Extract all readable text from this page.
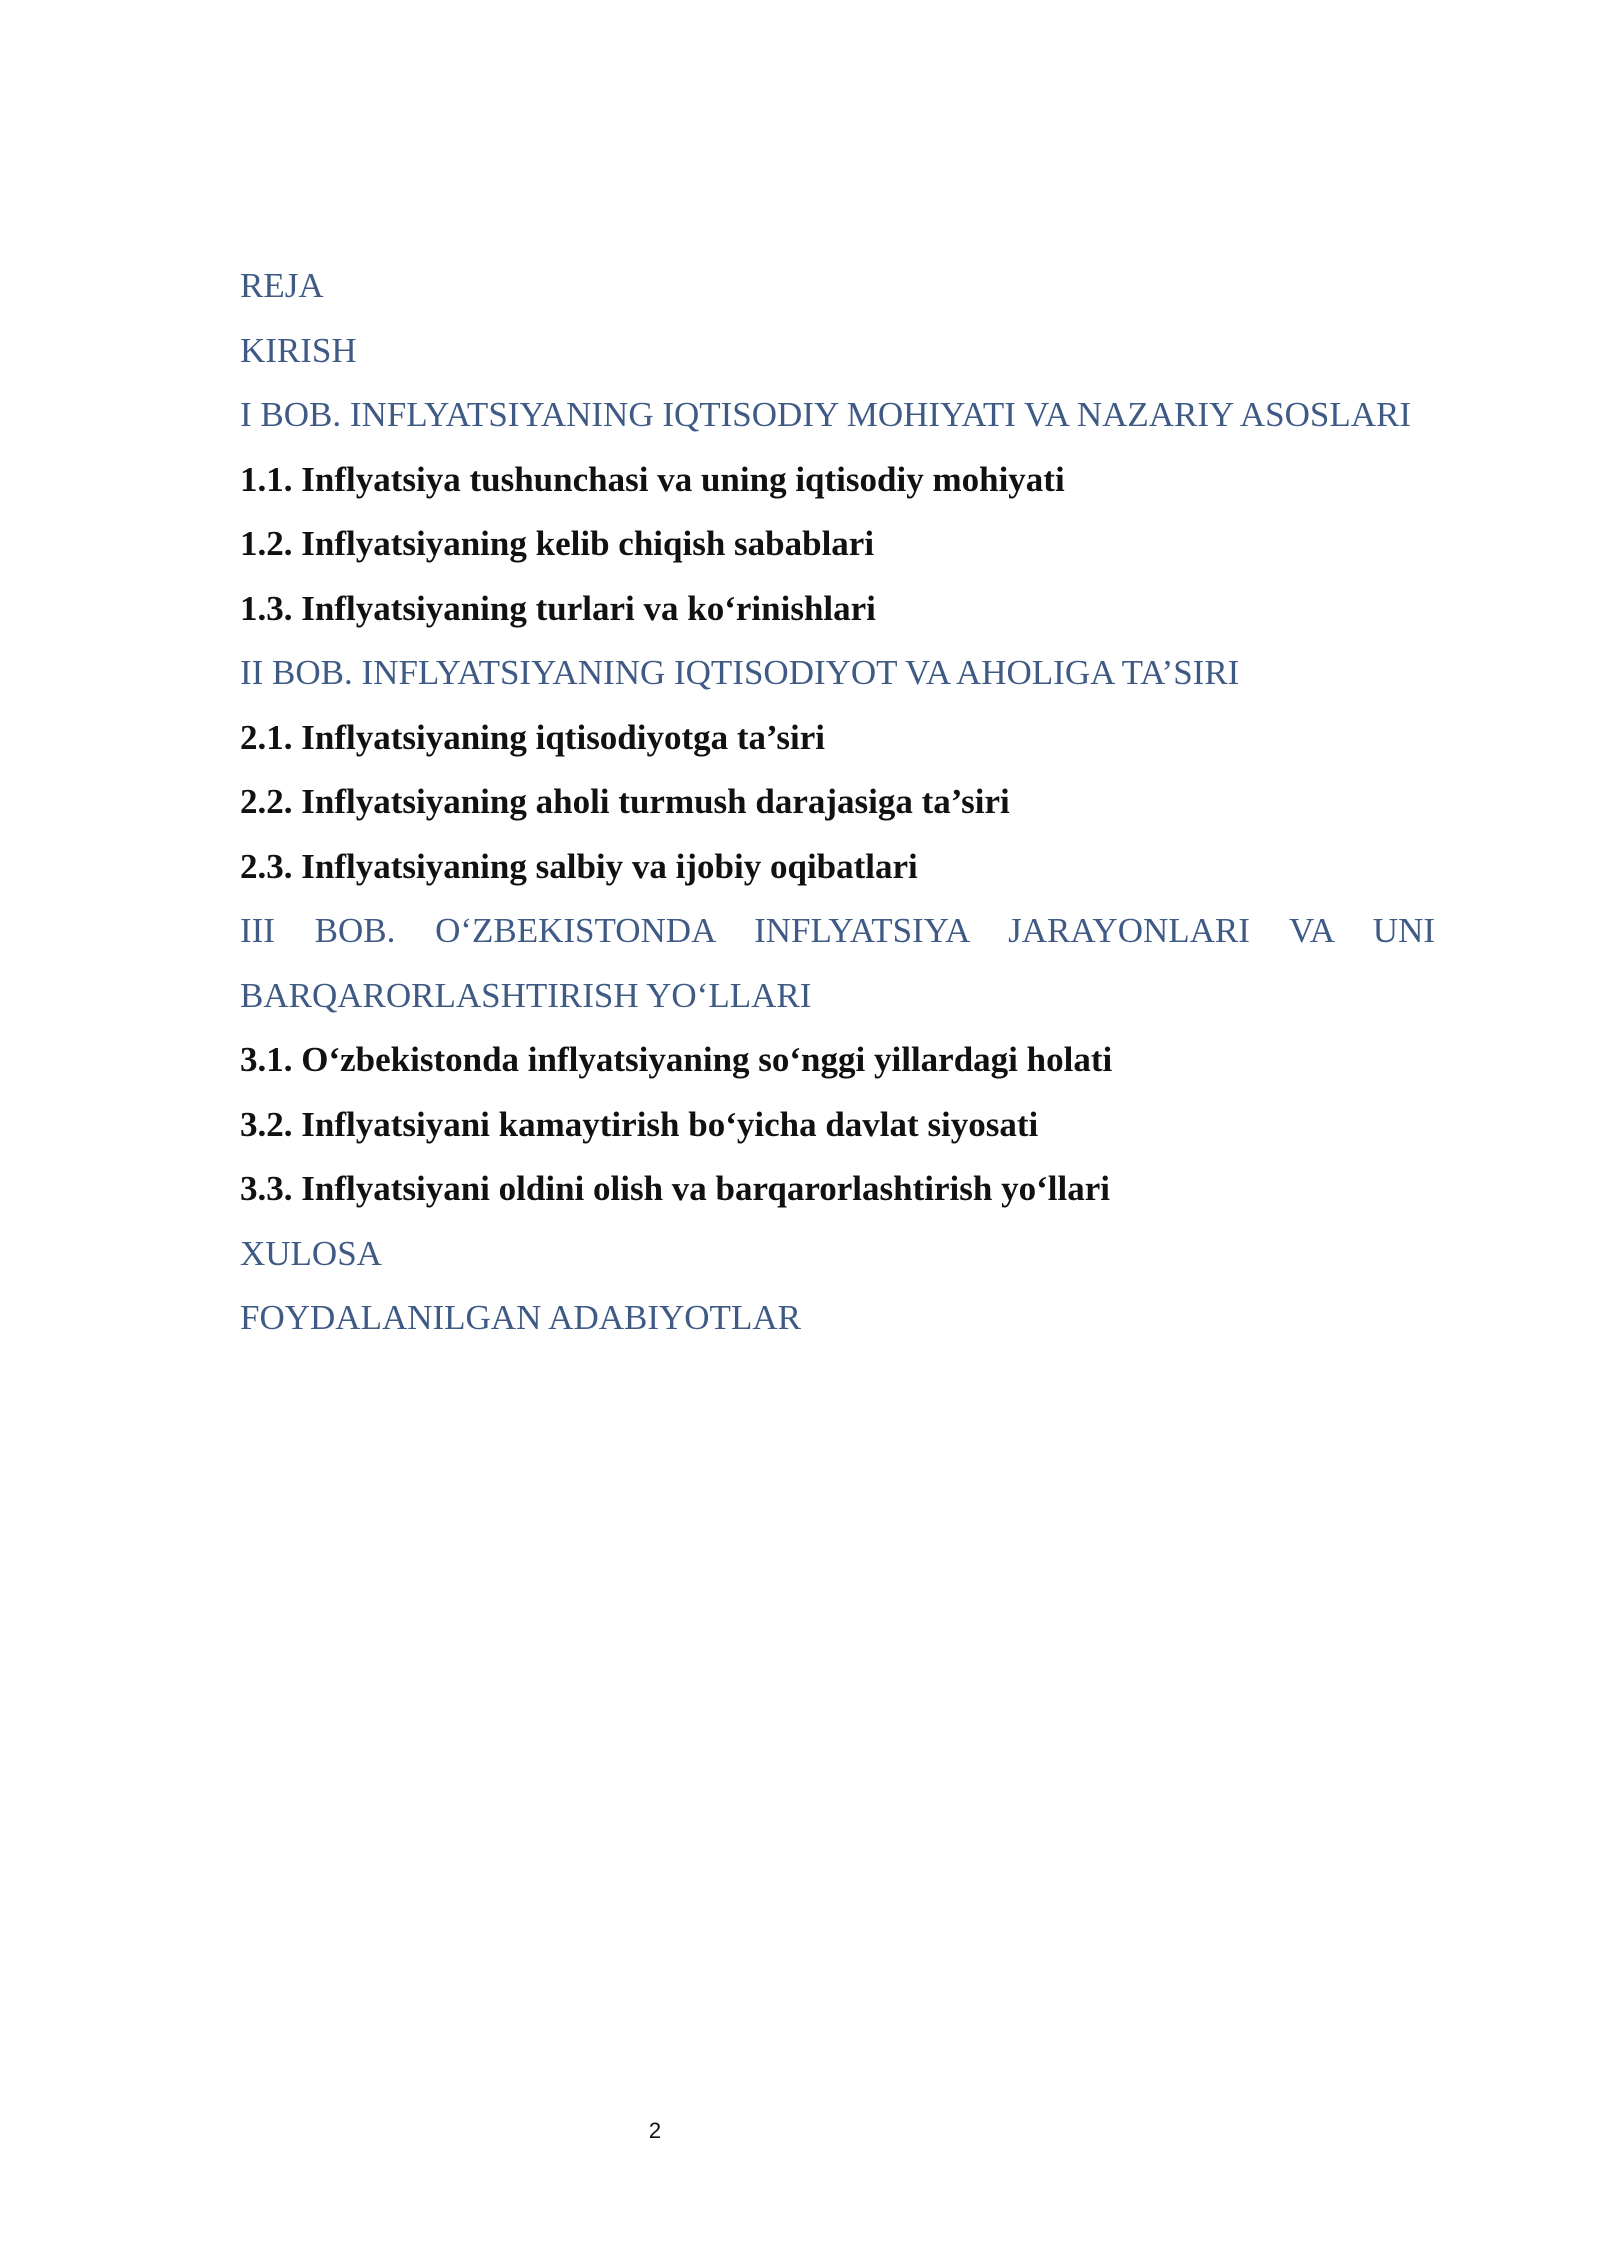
REJA
KIRISH
I BOB. INFLYATSIYANING IQTISODIY MOHIYATI VA NAZARIY ASOSLARI
1.1. Inflyatsiya tushunchasi va uning iqtisodiy mohiyati
1.2. Inflyatsiyaning kelib chiqish sabablari
1.3. Inflyatsiyaning turlari va ko‘rinishlari
II BOB. INFLYATSIYANING IQTISODIYOT VA AHOLIGA TA’SIRI
2.1. Inflyatsiyaning iqtisodiyotga ta’siri
2.2. Inflyatsiyaning aholi turmush darajasiga ta’siri
2.3. Inflyatsiyaning salbiy va ijobiy oqibatlari
III BOB. O‘ZBEKISTONDA INFLYATSIYA JARAYONLARI VA UNI BARQARORLASHTIRISH YO‘LLARI
3.1. O‘zbekistonda inflyatsiyaning so‘nggi yillardagi holati
3.2. Inflyatsiyani kamaytirish bo‘yicha davlat siyosati
3.3. Inflyatsiyani oldini olish va barqarorlashtirish yo‘llari
XULOSA
FOYDALANILGAN ADABIYOTLAR
2
